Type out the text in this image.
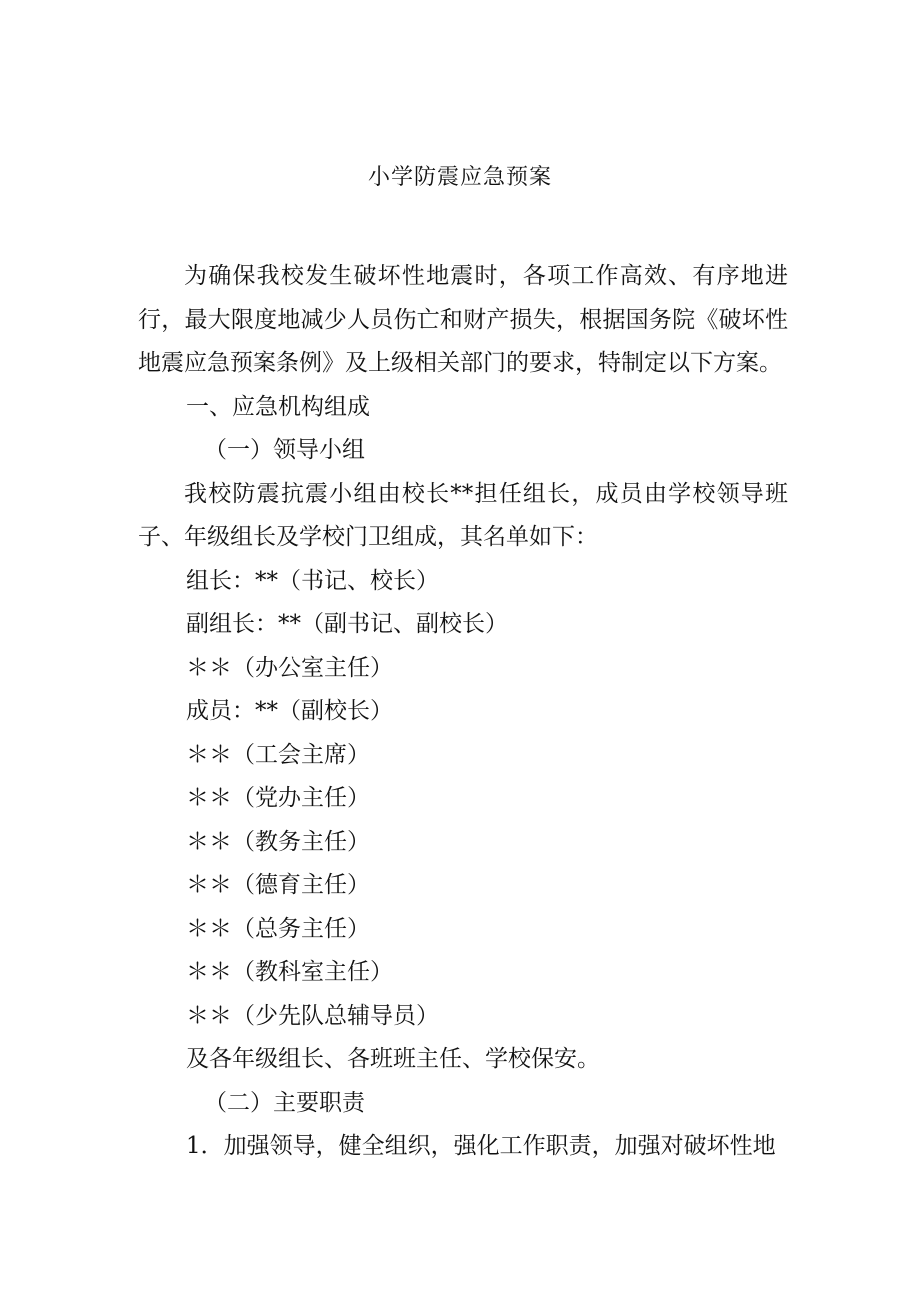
小学防震应急预案

为确保我校发生破坏性地震时，各项工作高效、有序地进行，最大限度地减少人员伤亡和财产损失，根据国务院《破坏性地震应急预案条例》及上级相关部门的要求，特制定以下方案。

一、应急机构组成

（一）领导小组

我校防震抗震小组由校长**担任组长，成员由学校领导班子、年级组长及学校门卫组成，其名单如下：

组长：**（书记、校长）

副组长：**（副书记、副校长）

＊＊（办公室主任）

成员：**（副校长）

＊＊（工会主席）

＊＊（党办主任）

＊＊（教务主任）

＊＊（德育主任）

＊＊（总务主任）

＊＊（教科室主任）

＊＊（少先队总辅导员）

及各年级组长、各班班主任、学校保安。

（二）主要职责

1．加强领导，健全组织，强化工作职责，加强对破坏性地
